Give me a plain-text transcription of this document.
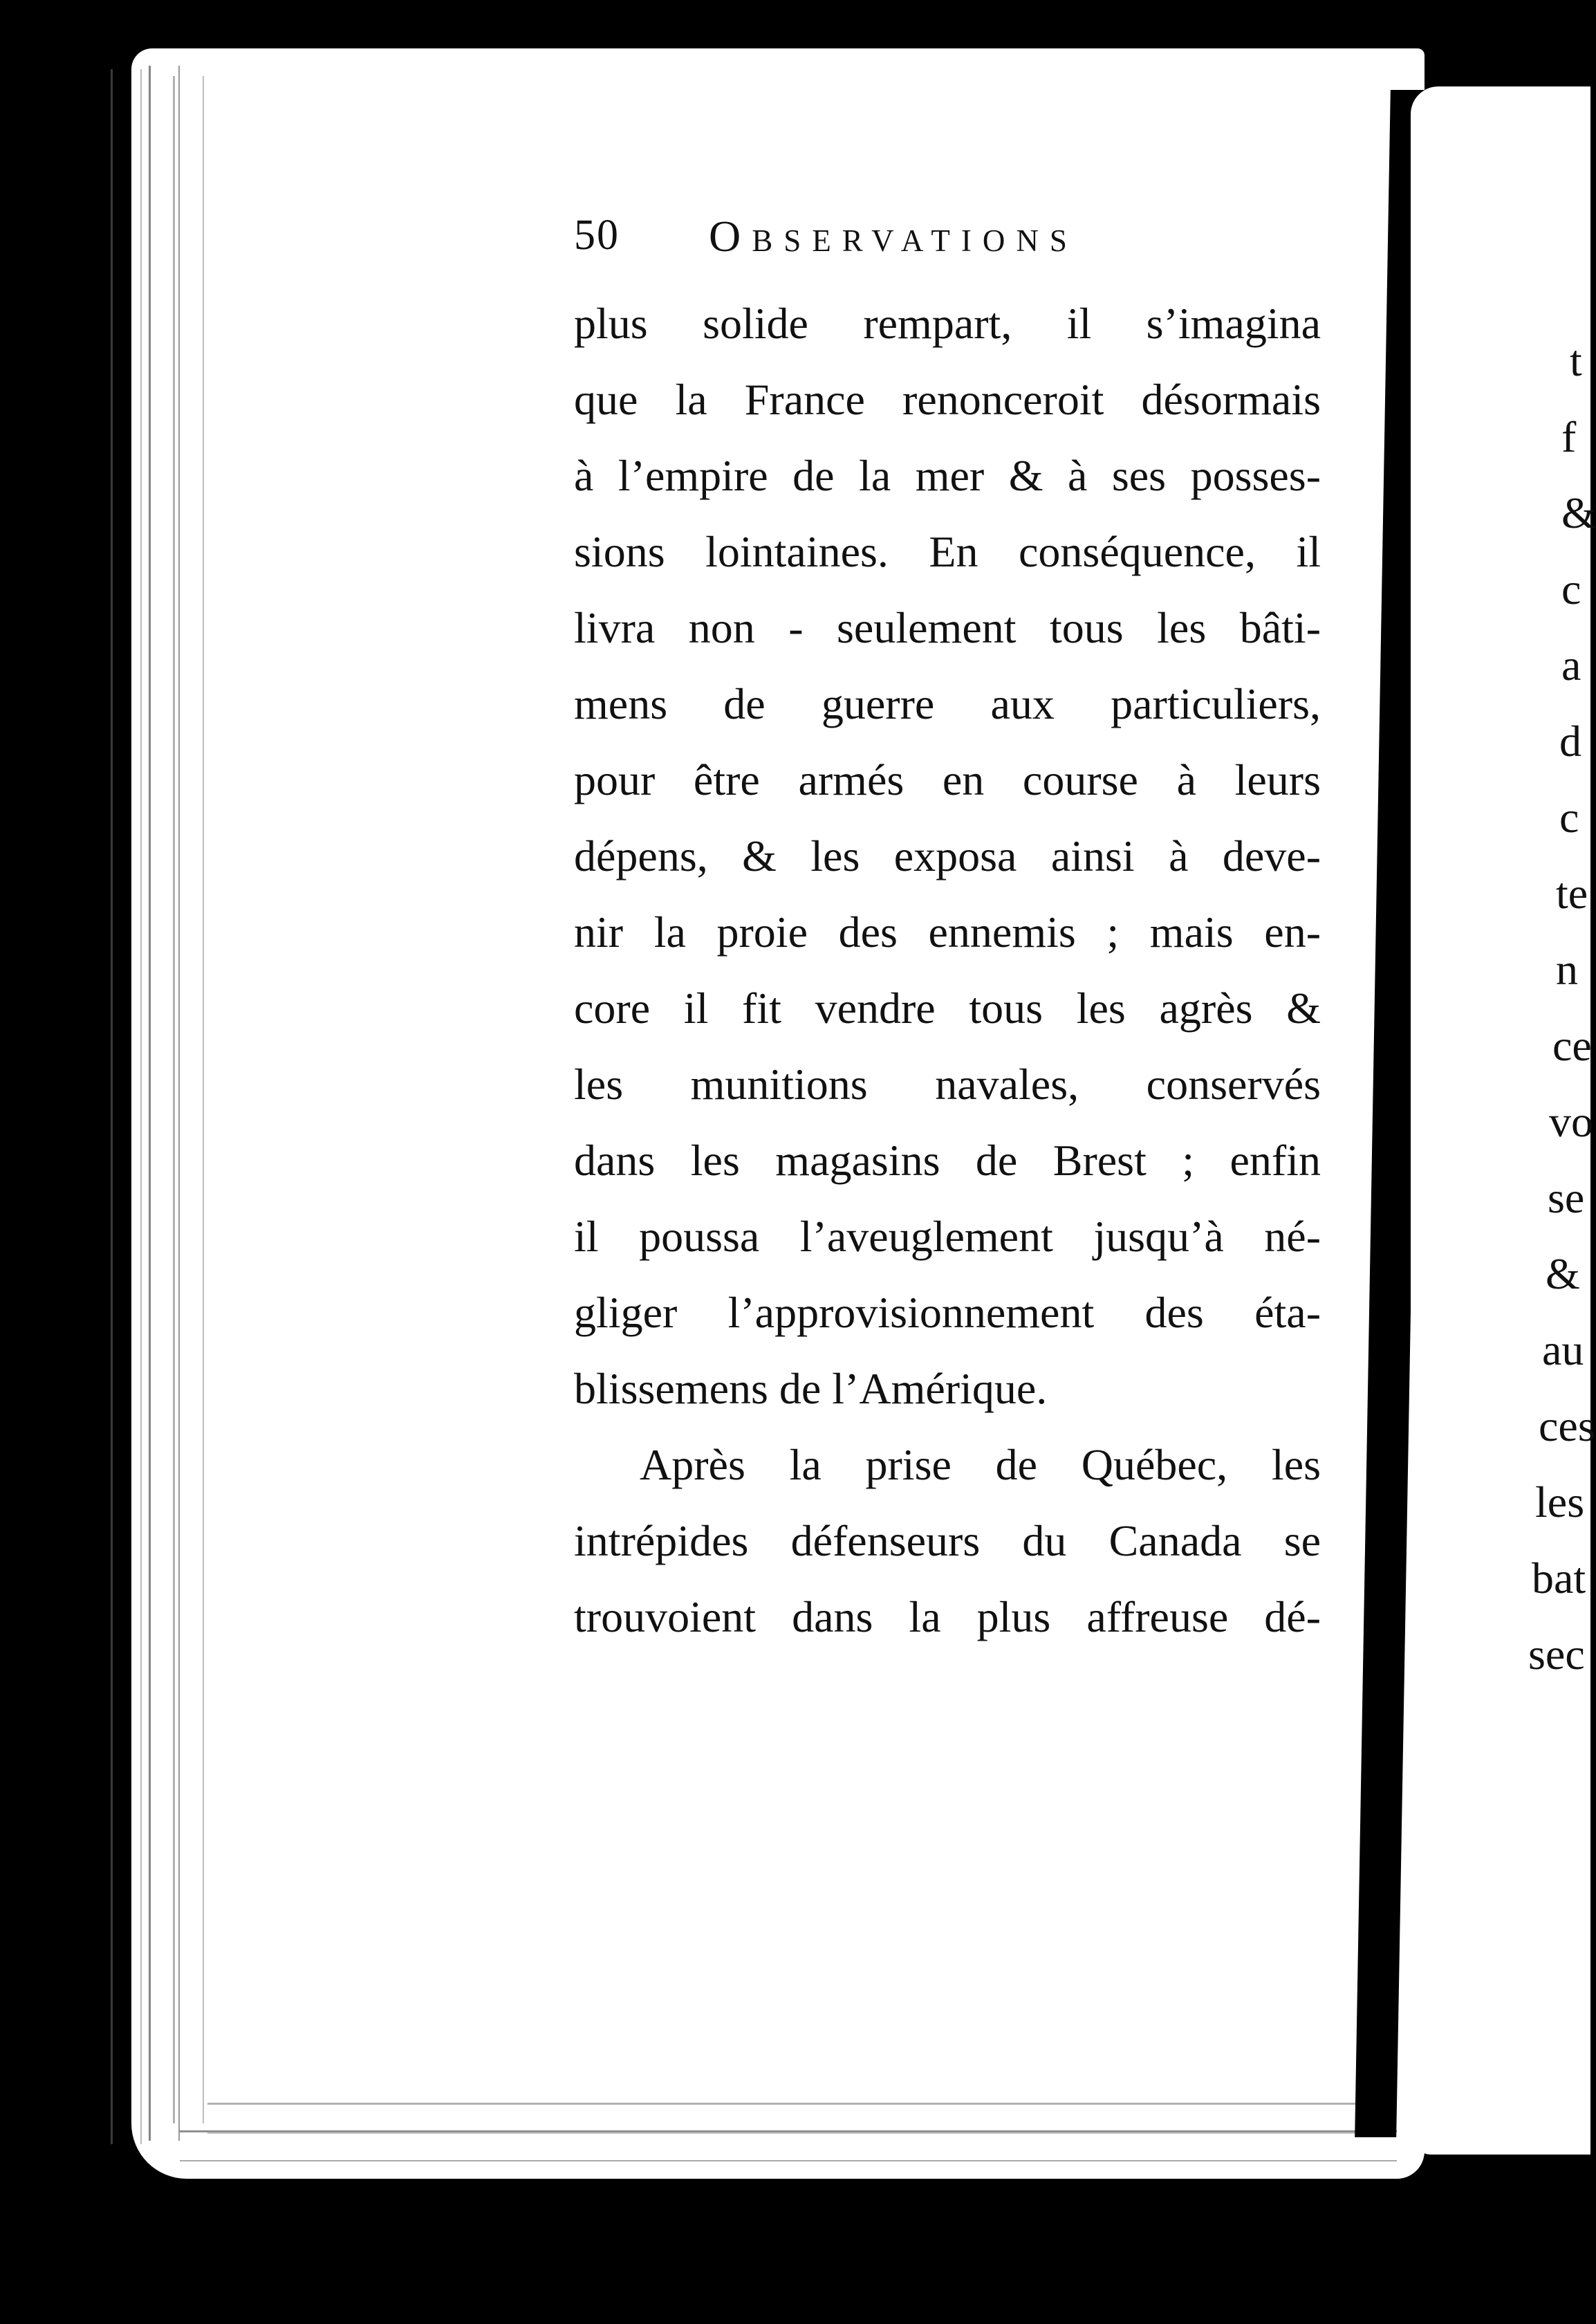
t
f
&
c
a
d
c
te
n
ce
vo
se
&
au
ces
les
bat
sec
50 Observations
plus solide rempart, il s’imagina
que la France renonceroit désormais
à l’empire de la mer & à ses posses-
sions lointaines. En conséquence, il
livra non - seulement tous les bâti-
mens de guerre aux particuliers,
pour être armés en course à leurs
dépens, & les exposa ainsi à deve-
nir la proie des ennemis ; mais en-
core il fit vendre tous les agrès &
les munitions navales, conservés
dans les magasins de Brest ; enfin
il poussa l’aveuglement jusqu’à né-
gliger l’approvisionnement des éta-
blissemens de l’Amérique.
Après la prise de Québec, les
intrépides défenseurs du Canada se
trouvoient dans la plus affreuse dé-
